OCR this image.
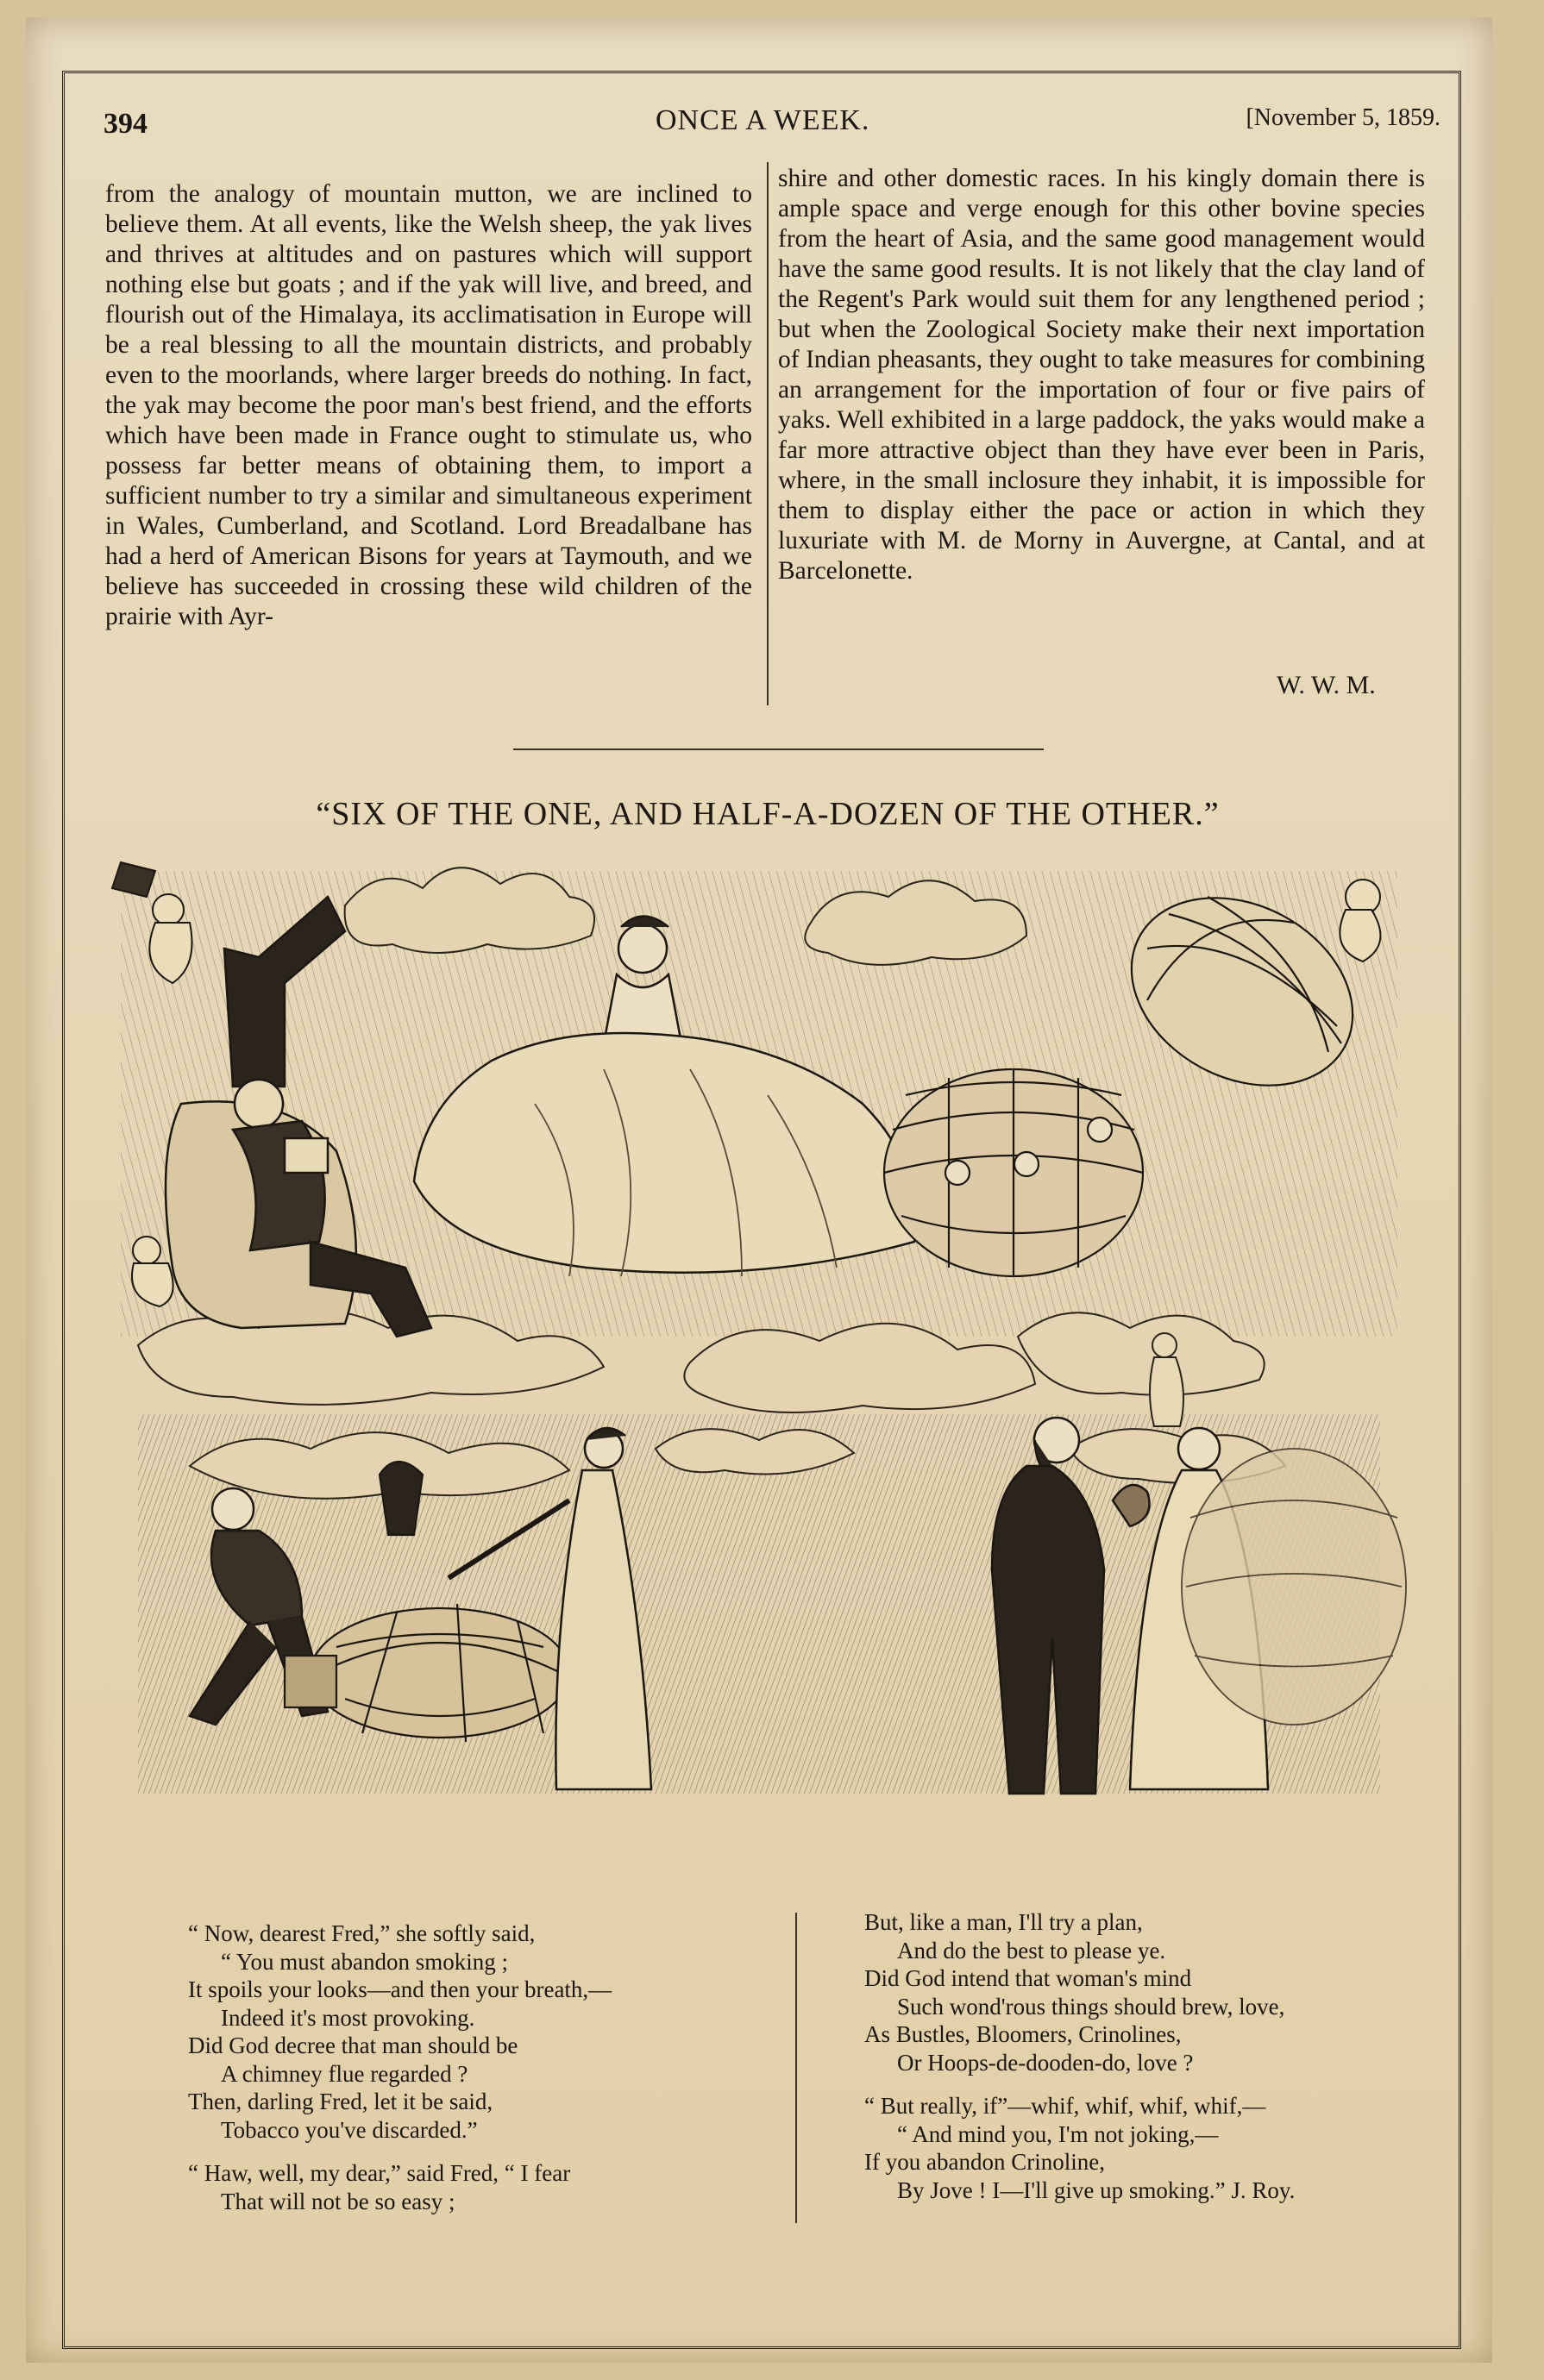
394	ONCE A WEEK.	[November 5, 1859.

from the analogy of mountain mutton, we are inclined to believe them. At all events, like the Welsh sheep, the yak lives and thrives at altitudes and on pastures which will support nothing else but goats ; and if the yak will live, and breed, and flourish out of the Himalaya, its acclimatisation in Europe will be a real blessing to all the mountain districts, and probably even to the moorlands, where larger breeds do nothing. In fact, the yak may become the poor man's best friend, and the efforts which have been made in France ought to stimulate us, who possess far better means of obtaining them, to import a sufficient number to try a similar and simultaneous experiment in Wales, Cumberland, and Scotland. Lord Breadalbane has had a herd of American Bisons for years at Taymouth, and we believe has succeeded in crossing these wild children of the prairie with Ayr-

shire and other domestic races. In his kingly domain there is ample space and verge enough for this other bovine species from the heart of Asia, and the same good management would have the same good results. It is not likely that the clay land of the Regent's Park would suit them for any lengthened period ; but when the Zoological Society make their next importation of Indian pheasants, they ought to take measures for combining an arrangement for the importation of four or five pairs of yaks. Well exhibited in a large paddock, the yaks would make a far more attractive object than they have ever been in Paris, where, in the small inclosure they inhabit, it is impossible for them to display either the pace or action in which they luxuriate with M. de Morny in Auvergne, at Cantal, and at Barcelonette.

W. W. M.
“SIX OF THE ONE, AND HALF-A-DOZEN OF THE OTHER.”
“ Now, dearest Fred,” she softly said,
“ You must abandon smoking ;
It spoils your looks—and then your breath,—
Indeed it's most provoking.
Did God decree that man should be
A chimney flue regarded ?
Then, darling Fred, let it be said,
Tobacco you've discarded.”
“ Haw, well, my dear,” said Fred, “ I fear
That will not be so easy ;
But, like a man, I'll try a plan,
And do the best to please ye.
Did God intend that woman's mind
Such wond'rous things should brew, love,
As Bustles, Bloomers, Crinolines,
Or Hoops-de-dooden-do, love ?
“ But really, if”—whif, whif, whif, whif,—
“ And mind you, I'm not joking,—
If you abandon Crinoline,
By Jove ! I—I'll give up smoking.” J. Roy.
